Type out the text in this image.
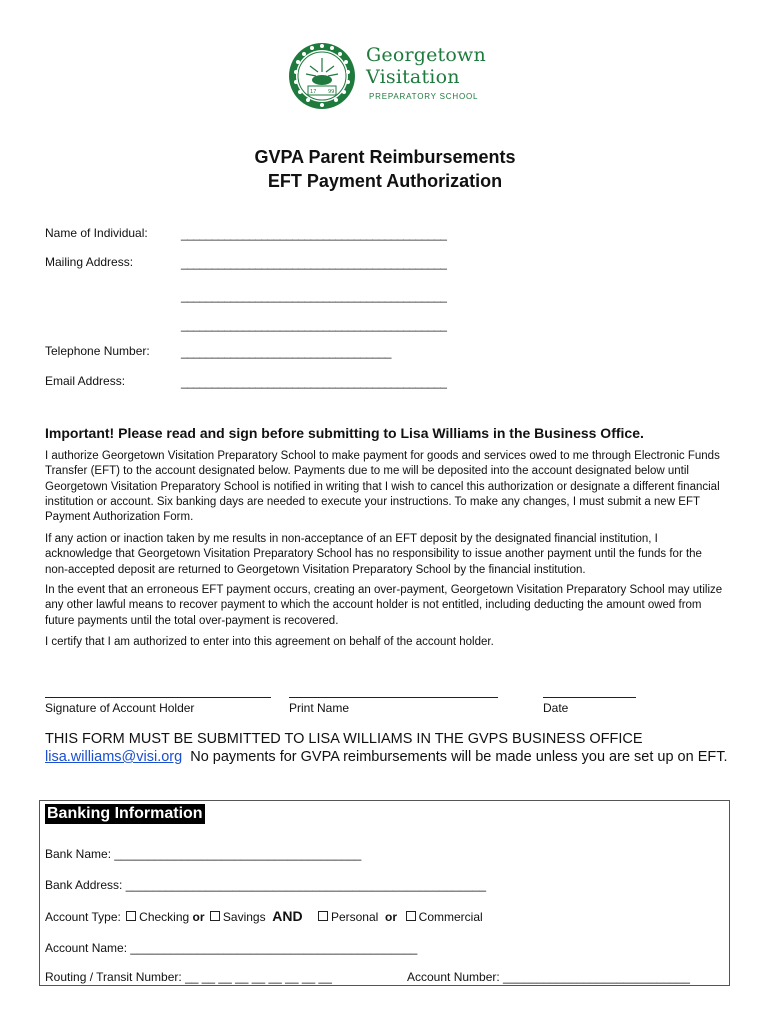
17 99
Georgetown
Visitation
PREPARATORY SCHOOL
GVPA Parent Reimbursements
EFT Payment Authorization
Name of Individual:	___________________________________________
Mailing Address:	___________________________________________
___________________________________________
___________________________________________
Telephone Number:	__________________________________
Email Address:	___________________________________________
Important! Please read and sign before submitting to Lisa Williams in the Business Office.
I authorize Georgetown Visitation Preparatory School to make payment for goods and services owed to me through Electronic Funds Transfer (EFT) to the account designated below. Payments due to me will be deposited into the account designated below until Georgetown Visitation Preparatory School is notified in writing that I wish to cancel this authorization or designate a different financial institution or account. Six banking days are needed to execute your instructions. To make any changes, I must submit a new EFT Payment Authorization Form.
If any action or inaction taken by me results in non-acceptance of an EFT deposit by the designated financial institution, I acknowledge that Georgetown Visitation Preparatory School has no responsibility to issue another payment until the funds for the non-accepted deposit are returned to Georgetown Visitation Preparatory School by the financial institution.
In the event that an erroneous EFT payment occurs, creating an over-payment, Georgetown Visitation Preparatory School may utilize any other lawful means to recover payment to which the account holder is not entitled, including deducting the amount owed from future payments until the total over-payment is recovered.
I certify that I am authorized to enter into this agreement on behalf of the account holder.
Signature of Account Holder	Print Name	Date
THIS FORM MUST BE SUBMITTED TO LISA WILLIAMS IN THE GVPS BUSINESS OFFICE
lisa.williams@visi.org  No payments for GVPA reimbursements will be made unless you are set up on EFT.
Banking Information
Bank Name: _____________________________________
Bank Address: ______________________________________________________
Account Type: Checking or Savings AND Personal or Commercial
Account Name: ___________________________________________
Routing / Transit Number: __ __ __ __ __ __ __ __ __	Account Number: ____________________________
